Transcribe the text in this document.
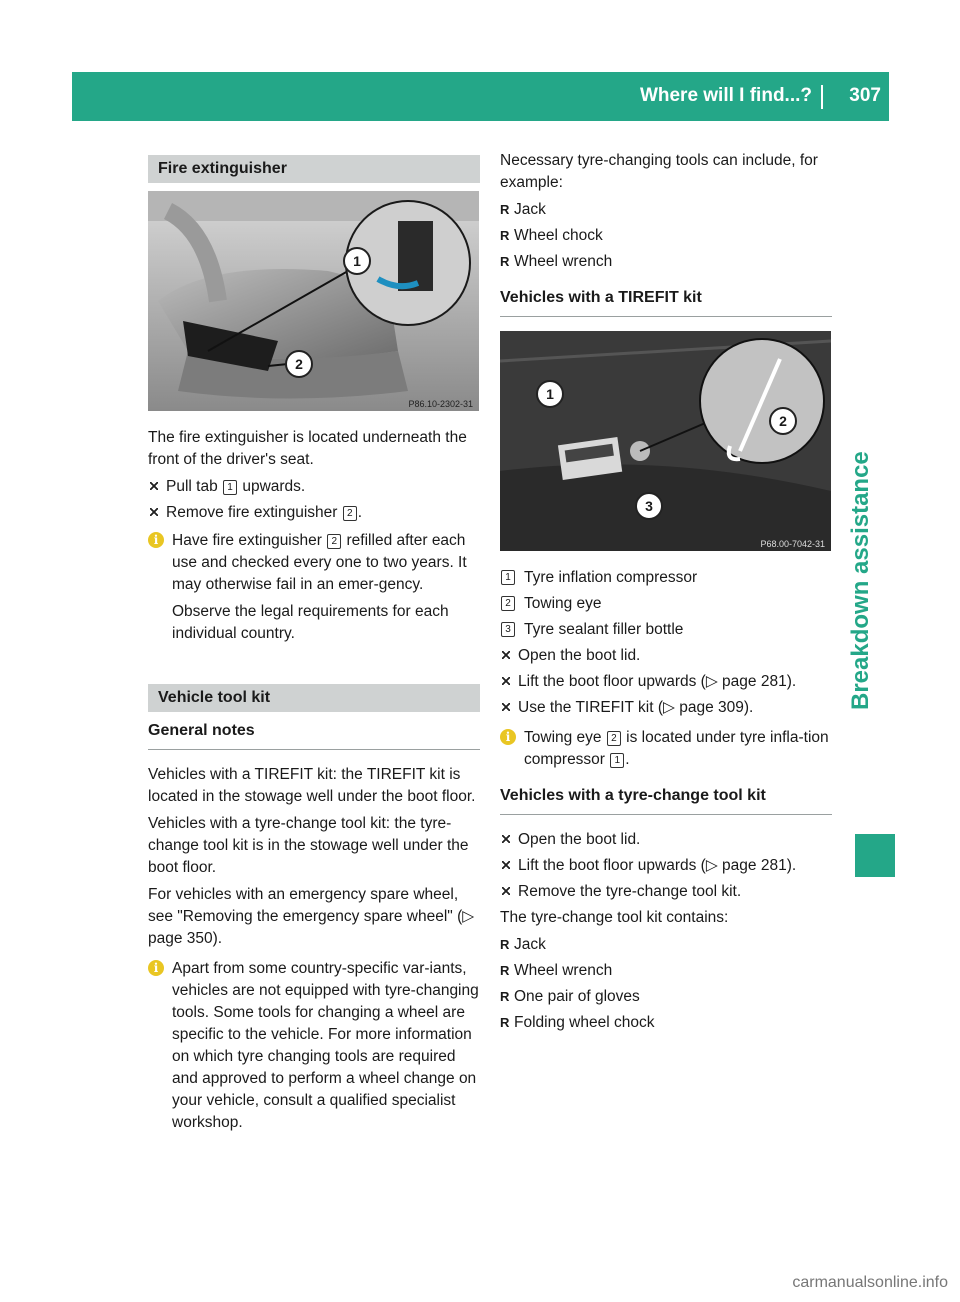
Where will I find...? 307
Breakdown assistance
Fire extinguisher
P86.10-2302-31
1
2

The fire extinguisher is located underneath the front of the driver's seat.

Pull tab 1 upwards.
Remove fire extinguisher 2 .
i Have fire extinguisher 2 refilled after each use and checked every one to two years. It may otherwise fail in an emer-gency.

Observe the legal requirements for each individual country.

Vehicle tool kit
General notes

Vehicles with a TIREFIT kit: the TIREFIT kit is located in the stowage well under the boot floor.

Vehicles with a tyre-change tool kit: the tyre-change tool kit is in the stowage well under the boot floor.

For vehicles with an emergency spare wheel, see "Removing the emergency spare wheel" (▷ page 350).

i Apart from some country-specific var-iants, vehicles are not equipped with tyre-changing tools. Some tools for changing a wheel are specific to the vehicle. For more information on which tyre changing tools are required and approved to perform a wheel change on your vehicle, consult a qualified specialist workshop.

Necessary tyre-changing tools can include, for example:

R Jack
R Wheel chock
R Wheel wrench
Vehicles with a TIREFIT kit
P68.00-7042-31
1
2
3
1 Tyre inflation compressor
2 Towing eye
3 Tyre sealant filler bottle
Open the boot lid.
Lift the boot floor upwards (▷ page 281).
Use the TIREFIT kit (▷ page 309).
i Towing eye 2 is located under tyre infla-tion compressor 1 .
Vehicles with a tyre-change tool kit
Open the boot lid.
Lift the boot floor upwards (▷ page 281).
Remove the tyre-change tool kit.

The tyre-change tool kit contains:

R Jack
R Wheel wrench
R One pair of gloves
R Folding wheel chock
carmanualsonline.info
